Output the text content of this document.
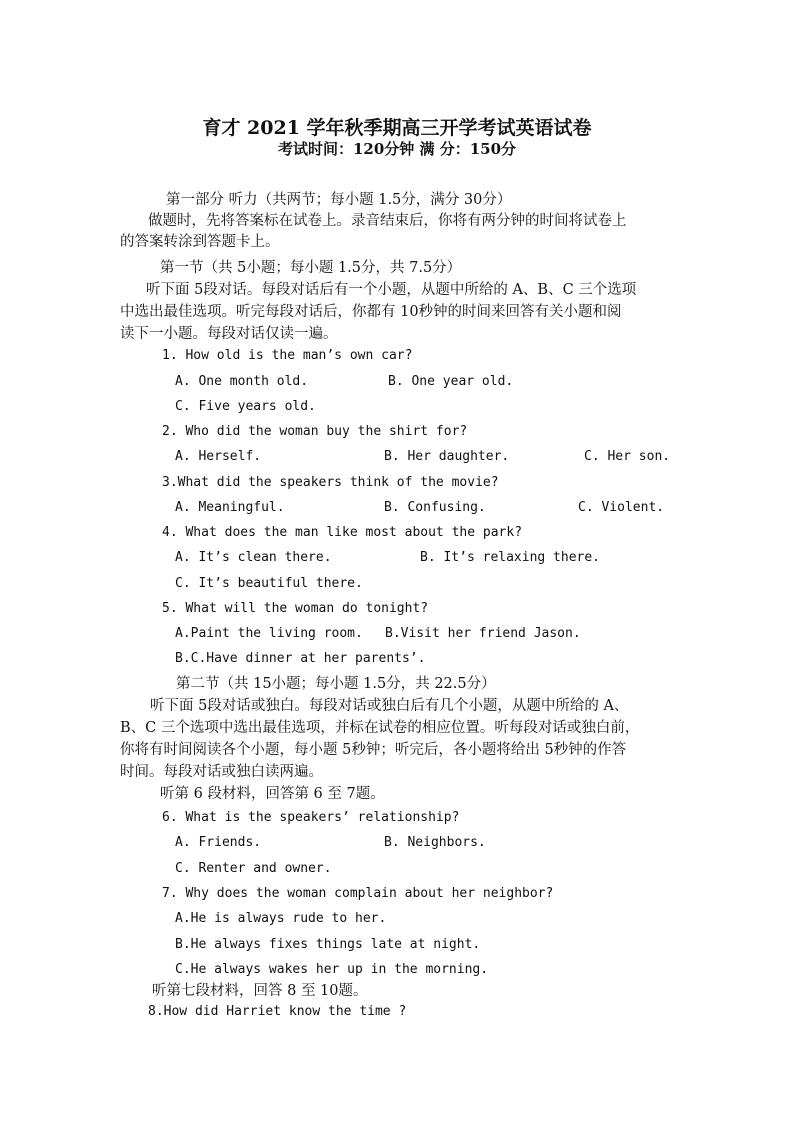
育才 2021 学年秋季期高三开学考试英语试卷
考试时间：120分钟 满 分：150分
第一部分 听力（共两节；每小题 1.5分，满分 30分）
做题时，先将答案标在试卷上。录音结束后，你将有两分钟的时间将试卷上
的答案转涂到答题卡上。
第一节（共 5小题；每小题 1.5分，共 7.5分）
听下面 5段对话。每段对话后有一个小题，从题中所给的 A、B、C 三个选项
中选出最佳选项。听完每段对话后，你都有 10秒钟的时间来回答有关小题和阅
读下一小题。每段对话仅读一遍。
1. How old is the man’s own car?
A. One month old.	B. One year old.
C. Five years old.
2. Who did the woman buy the shirt for?
A. Herself.	B. Her daughter.	C. Her son.
3.What did the speakers think of the movie?
A. Meaningful.	B. Confusing.	C. Violent.
4. What does the man like most about the park?
A. It’s clean there.	B. It’s relaxing there.
C. It’s beautiful there.
5. What will the woman do tonight?
A.Paint the living room. B.Visit her friend Jason.
B.C.Have dinner at her parents’.
第二节（共 15小题；每小题 1.5分，共 22.5分）
听下面 5段对话或独白。每段对话或独白后有几个小题，从题中所给的 A、
B、C 三个选项中选出最佳选项，并标在试卷的相应位置。听每段对话或独白前，
你将有时间阅读各个小题，每小题 5秒钟；听完后，各小题将给出 5秒钟的作答
时间。每段对话或独白读两遍。
听第 6 段材料，回答第 6 至 7题。
6. What is the speakers’ relationship?
A. Friends.	B. Neighbors.
C. Renter and owner.
7. Why does the woman complain about her neighbor?
A.He is always rude to her.
B.He always fixes things late at night.
C.He always wakes her up in the morning.
听第七段材料，回答 8 至 10题。
8.How did Harriet know the time ?
